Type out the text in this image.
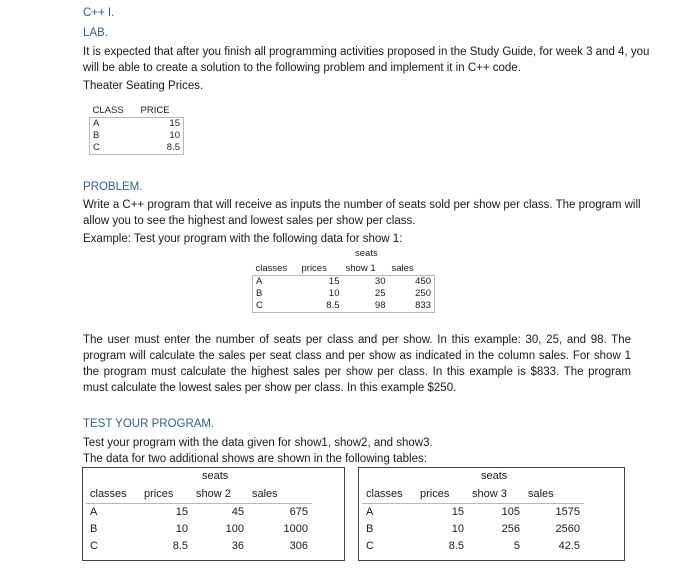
C++ I.
LAB.
It is expected that after you finish all programming activities proposed in the Study Guide, for week 3 and 4, you will be able to create a solution to the following problem and implement it in C++ code.
Theater Seating Prices.
CLASS	PRICE
A	15
B	10
C	8.5
PROBLEM.
Write a C++ program that will receive as inputs the number of seats sold per show per class. The program will allow you to see the highest and lowest sales per show per class.
Example: Test your program with the following data for show 1:
seats
classes	prices	show 1	sales
A	15	30	450
B	10	25	250
C	8.5	98	833
The user must enter the number of seats per class and per show. In this example: 30, 25, and 98. The program will calculate the sales per seat class and per show as indicated in the column sales. For show 1 the program must calculate the highest sales per show per class. In this example is $833. The program must calculate the lowest sales per show per class. In this example $250.
TEST YOUR PROGRAM.
Test your program with the data given for show1, show2, and show3.
The data for two additional shows are shown in the following tables:
seats
classes	prices	show 2	sales
A	15	45	675
B	10	100	1000
C	8.5	36	306
seats
classes	prices	show 3	sales
A	15	105	1575
B	10	256	2560
C	8.5	5	42.5
